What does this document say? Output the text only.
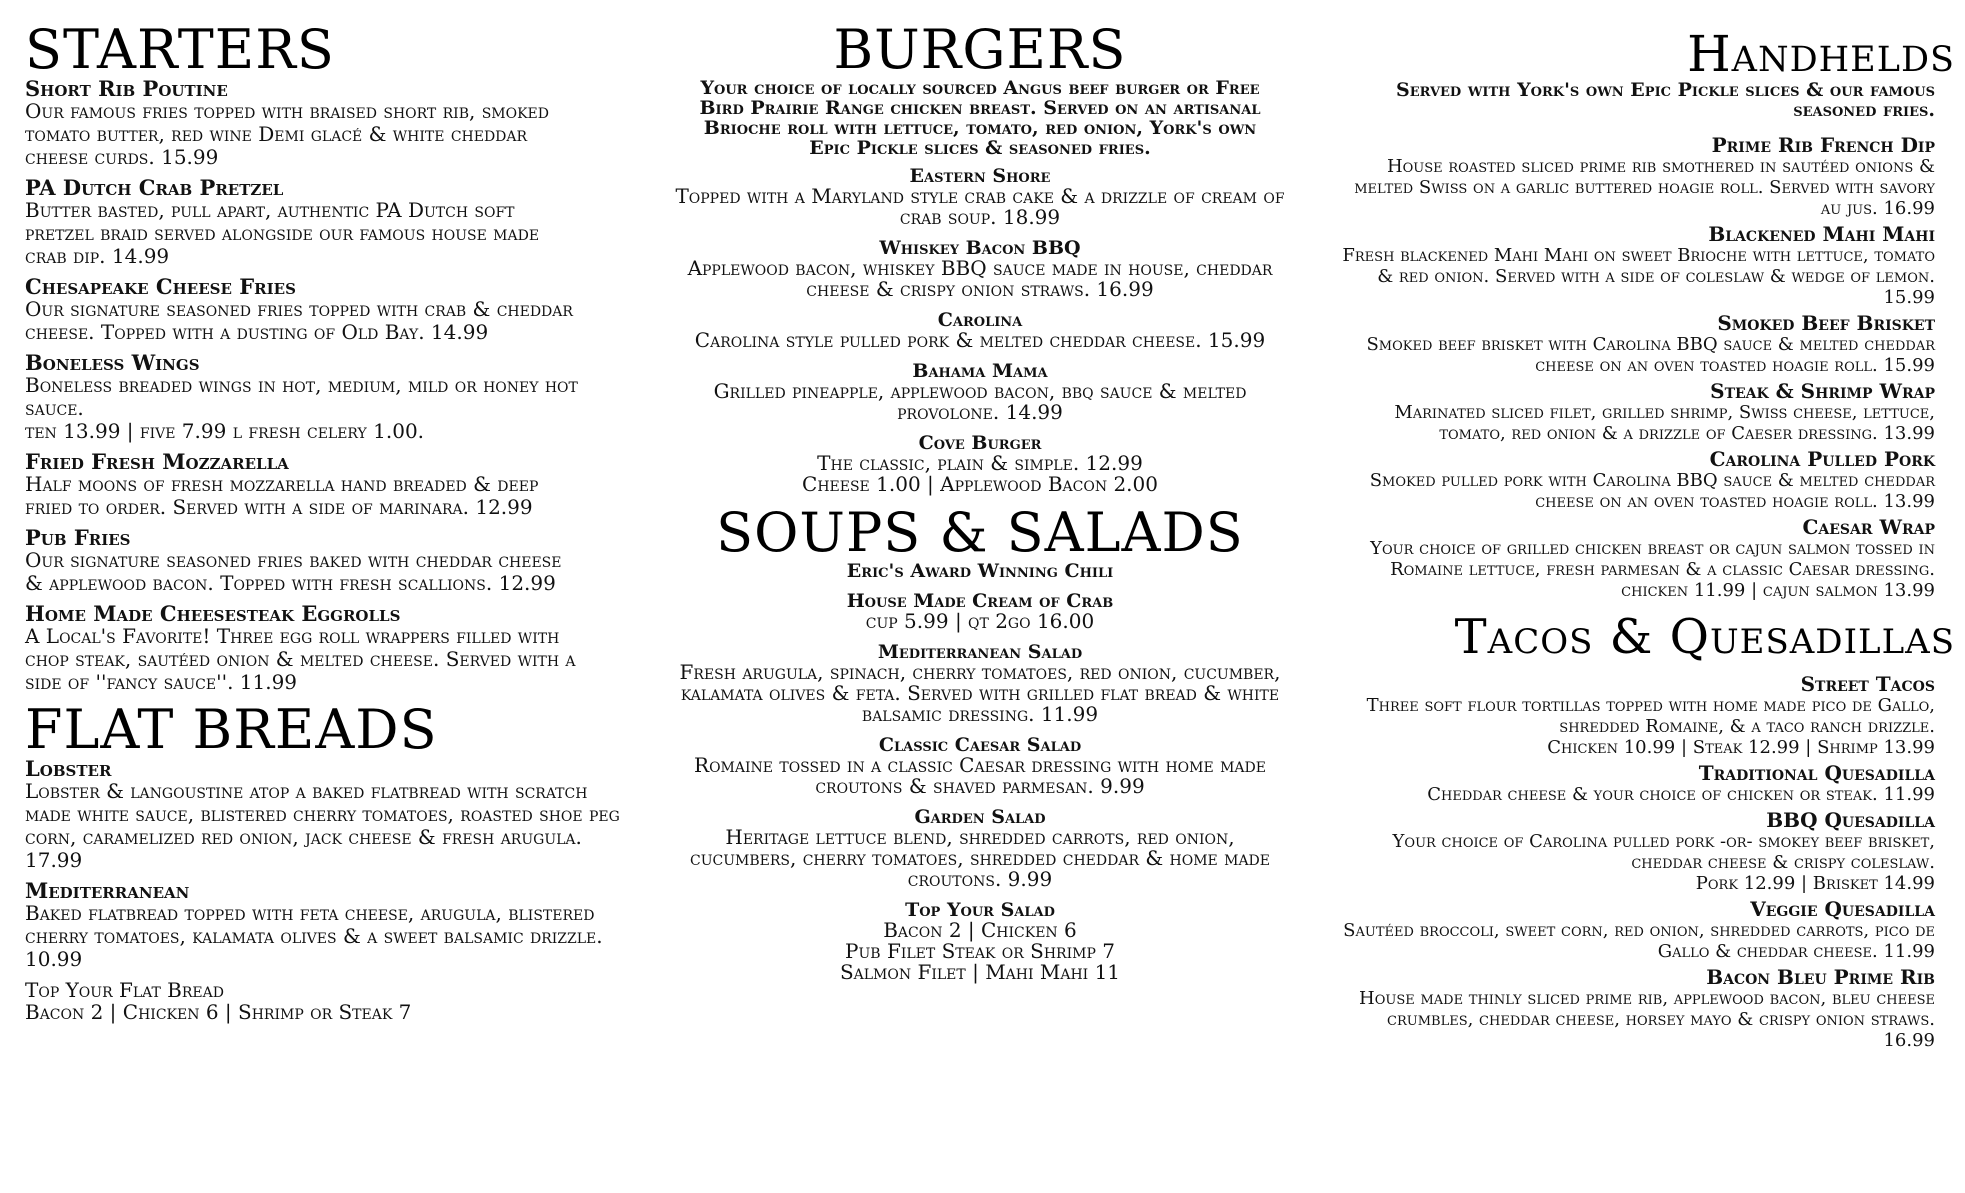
STARTERS
Short Rib Poutine
Our famous fries topped with braised short rib, smoked tomato butter, red wine Demi glacé & white cheddar cheese curds. 15.99
PA Dutch Crab Pretzel
Butter basted, pull apart, authentic PA Dutch soft pretzel braid served alongside our famous house made crab dip. 14.99
Chesapeake Cheese Fries
Our signature seasoned fries topped with crab & cheddar cheese. Topped with a dusting of Old Bay. 14.99
Boneless Wings
Boneless breaded wings in hot, medium, mild or honey hot sauce.
ten 13.99 | five 7.99 l fresh celery 1.00.
Fried Fresh Mozzarella
Half moons of fresh mozzarella hand breaded & deep fried to order. Served with a side of marinara. 12.99
Pub Fries
Our signature seasoned fries baked with cheddar cheese & applewood bacon. Topped with fresh scallions. 12.99
Home Made Cheesesteak Eggrolls
A Local's Favorite! Three egg roll wrappers filled with chop steak, sautéed onion & melted cheese. Served with a side of ''fancy sauce''. 11.99
FLAT BREADS
Lobster
Lobster & langoustine atop a baked flatbread with scratch made white sauce, blistered cherry tomatoes, roasted shoe peg corn, caramelized red onion, jack cheese & fresh arugula. 17.99
Mediterranean
Baked flatbread topped with feta cheese, arugula, blistered cherry tomatoes, kalamata olives & a sweet balsamic drizzle. 10.99
Top Your Flat Bread
Bacon 2 | Chicken 6 | Shrimp or Steak 7
BURGERS
Your choice of locally sourced Angus beef burger or Free Bird Prairie Range chicken breast. Served on an artisanal Brioche roll with lettuce, tomato, red onion, York's own Epic Pickle slices & seasoned fries.
Eastern Shore
Topped with a Maryland style crab cake & a drizzle of cream of crab soup. 18.99
Whiskey Bacon BBQ
Applewood bacon, whiskey BBQ sauce made in house, cheddar cheese & crispy onion straws. 16.99
Carolina
Carolina style pulled pork & melted cheddar cheese. 15.99
Bahama Mama
Grilled pineapple, applewood bacon, bbq sauce & melted provolone. 14.99
Cove Burger
The classic, plain & simple. 12.99
Cheese 1.00 | Applewood Bacon 2.00
SOUPS & SALADS
Eric's Award Winning Chili
House Made Cream of Crab
cup 5.99 | qt 2go 16.00
Mediterranean Salad
Fresh arugula, spinach, cherry tomatoes, red onion, cucumber, kalamata olives & feta. Served with grilled flat bread & white balsamic dressing. 11.99
Classic Caesar Salad
Romaine tossed in a classic Caesar dressing with home made croutons & shaved parmesan. 9.99
Garden Salad
Heritage lettuce blend, shredded carrots, red onion, cucumbers, cherry tomatoes, shredded cheddar & home made croutons. 9.99
Top Your Salad
Bacon 2 | Chicken 6
Pub Filet Steak or Shrimp 7
Salmon Filet | Mahi Mahi 11
Handhelds
Served with York's own Epic Pickle slices & our famous seasoned fries.
Prime Rib French Dip
House roasted sliced prime rib smothered in sautéed onions & melted Swiss on a garlic buttered hoagie roll. Served with savory au jus. 16.99
Blackened Mahi Mahi
Fresh blackened Mahi Mahi on sweet Brioche with lettuce, tomato & red onion. Served with a side of coleslaw & wedge of lemon. 15.99
Smoked Beef Brisket
Smoked beef brisket with Carolina BBQ sauce & melted cheddar cheese on an oven toasted hoagie roll. 15.99
Steak & Shrimp Wrap
Marinated sliced filet, grilled shrimp, Swiss cheese, lettuce, tomato, red onion & a drizzle of Caeser dressing. 13.99
Carolina Pulled Pork
Smoked pulled pork with Carolina BBQ sauce & melted cheddar cheese on an oven toasted hoagie roll. 13.99
Caesar Wrap
Your choice of grilled chicken breast or cajun salmon tossed in Romaine lettuce, fresh parmesan & a classic Caesar dressing.
chicken 11.99 | cajun salmon 13.99
Tacos & Quesadillas
Street Tacos
Three soft flour tortillas topped with home made pico de Gallo, shredded Romaine, & a taco ranch drizzle.
Chicken 10.99 | Steak 12.99 | Shrimp 13.99
Traditional Quesadilla
Cheddar cheese & your choice of chicken or steak. 11.99
BBQ Quesadilla
Your choice of Carolina pulled pork -or- smokey beef brisket, cheddar cheese & crispy coleslaw.
Pork 12.99 | Brisket 14.99
Veggie Quesadilla
Sautéed broccoli, sweet corn, red onion, shredded carrots, pico de Gallo & cheddar cheese. 11.99
Bacon Bleu Prime Rib
House made thinly sliced prime rib, applewood bacon, bleu cheese crumbles, cheddar cheese, horsey mayo & crispy onion straws. 16.99
